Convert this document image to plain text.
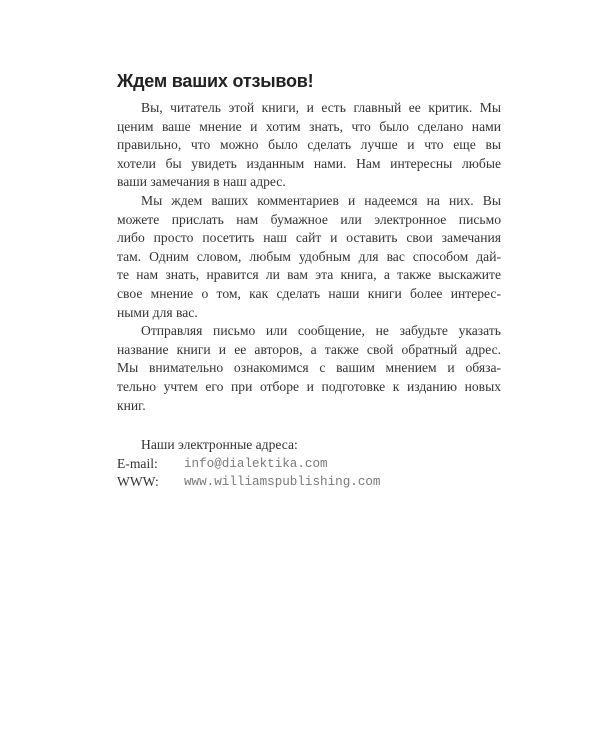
Ждем ваших отзывов!

Вы, читатель этой книги, и есть главный ее критик. Мы
ценим ваше мнение и хотим знать, что было сделано нами
правильно, что можно было сделать лучше и что еще вы
хотели бы увидеть изданным нами. Нам интересны любые
ваши замечания в наш адрес.

Мы ждем ваших комментариев и надеемся на них. Вы
можете прислать нам бумажное или электронное письмо
либо просто посетить наш сайт и оставить свои замечания
там. Одним словом, любым удобным для вас способом дай-
те нам знать, нравится ли вам эта книга, а также выскажите
свое мнение о том, как сделать наши книги более интерес-
ными для вас.

Отправляя письмо или сообщение, не забудьте указать
название книги и ее авторов, а также свой обратный адрес.
Мы внимательно ознакомимся с вашим мнением и обяза-
тельно учтем его при отборе и подготовке к изданию новых
книг.

Наши электронные адреса:
E-mail:	info@dialektika.com
WWW:	www.williamspublishing.com
